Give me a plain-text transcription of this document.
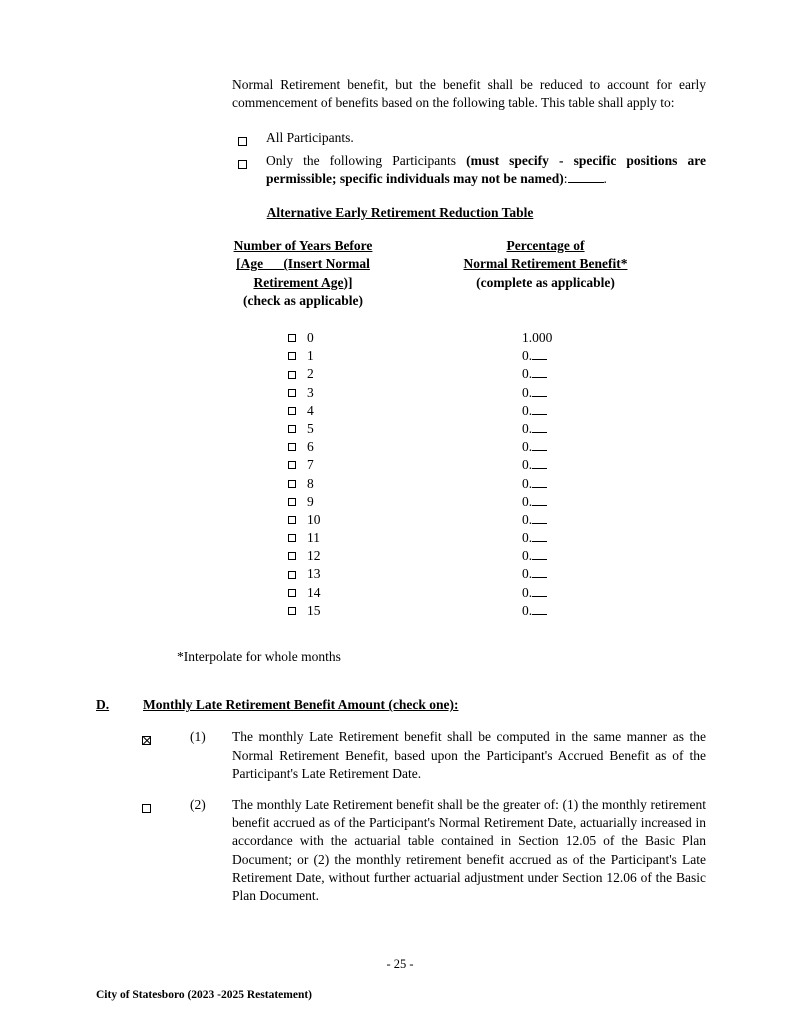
Normal Retirement benefit, but the benefit shall be reduced to account for early commencement of benefits based on the following table. This table shall apply to:

All Participants.
Only the following Participants (must specify - specific positions are permissible; specific individuals may not be named):	.
Alternative Early Retirement Reduction Table
Number of Years Before
[Age      (Insert Normal
Retirement Age)]
(check as applicable)
Percentage of
Normal Retirement Benefit*
(complete as applicable)
0	1.000
1	0.
2	0.
3	0.
4	0.
5	0.
6	0.
7	0.
8	0.
9	0.
10	0.
11	0.
12	0.
13	0.
14	0.
15	0.
*Interpolate for whole months
D.	Monthly Late Retirement Benefit Amount (check one):
(1)	The monthly Late Retirement benefit shall be computed in the same manner as the Normal Retirement Benefit, based upon the Participant's Accrued Benefit as of the Participant's Late Retirement Date.
(2)	The monthly Late Retirement benefit shall be the greater of: (1) the monthly retirement benefit accrued as of the Participant's Normal Retirement Date, actuarially increased in accordance with the actuarial table contained in Section 12.05 of the Basic Plan Document; or (2) the monthly retirement benefit accrued as of the Participant's Late Retirement Date, without further actuarial adjustment under Section 12.06 of the Basic Plan Document.
- 25 -
City of Statesboro (2023 -2025 Restatement)
